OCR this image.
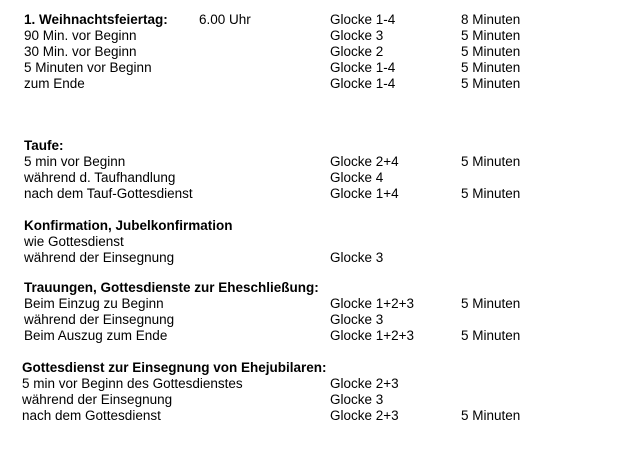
1. Weihnachtsfeiertag: 6.00 Uhr	Glocke 1-4	8 Minuten
90 Min. vor Beginn	Glocke 3	5 Minuten
30 Min. vor Beginn	Glocke 2	5 Minuten
5 Minuten vor Beginn	Glocke 1-4	5 Minuten
zum Ende	Glocke 1-4	5 Minuten
Taufe:
5 min vor Beginn	Glocke 2+4	5 Minuten
während d. Taufhandlung	Glocke 4
nach dem Tauf-Gottesdienst	Glocke 1+4	5 Minuten
Konfirmation, Jubelkonfirmation
wie Gottesdienst
während der Einsegnung	Glocke 3
Trauungen, Gottesdienste zur Eheschließung:
Beim Einzug zu Beginn	Glocke 1+2+3	5 Minuten
während der Einsegnung	Glocke 3
Beim Auszug zum Ende	Glocke 1+2+3	5 Minuten
Gottesdienst zur Einsegnung von Ehejubilaren:
5 min vor Beginn des Gottesdienstes	Glocke 2+3
während der Einsegnung	Glocke 3
nach dem Gottesdienst	Glocke 2+3	5 Minuten
